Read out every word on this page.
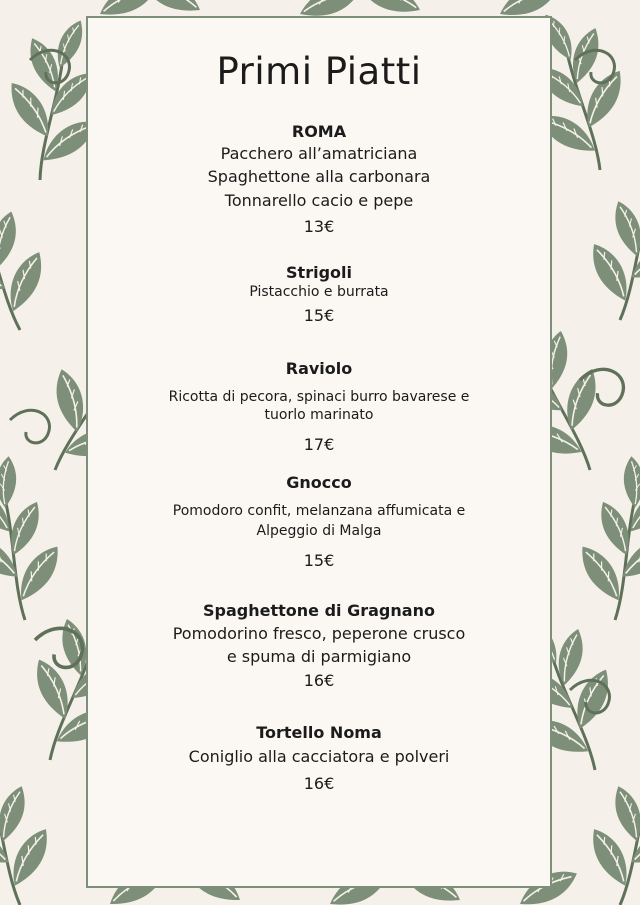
Primi Piatti
ROMA
Pacchero all’amatriciana
Spaghettone alla carbonara
Tonnarello cacio e pepe
13€
Strigoli
Pistacchio e burrata
15€
Raviolo
Ricotta di pecora, spinaci burro bavarese e
tuorlo marinato
17€
Gnocco
Pomodoro confit, melanzana affumicata e
Alpeggio di Malga
15€
Spaghettone di Gragnano
Pomodorino fresco, peperone crusco
e spuma di parmigiano
16€
Tortello Noma
Coniglio alla cacciatora e polveri
16€
